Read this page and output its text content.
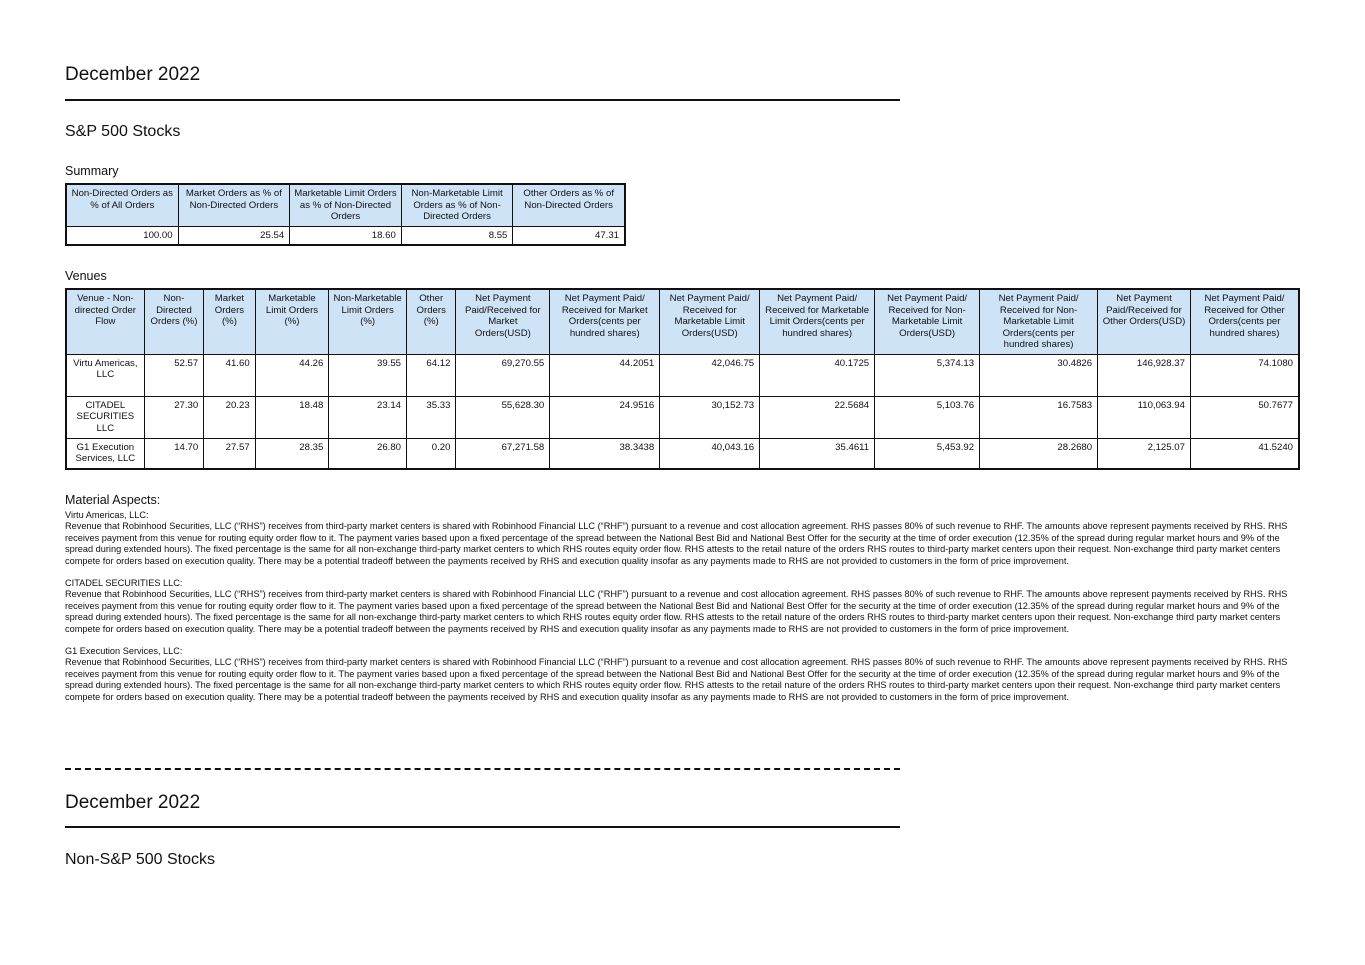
December 2022
S&P 500 Stocks
Summary
Non-Directed Orders as % of All Orders	Market Orders as % of Non-Directed Orders	Marketable Limit Orders as % of Non-Directed Orders	Non-Marketable Limit Orders as % of Non-Directed Orders	Other Orders as % of Non-Directed Orders
100.00	25.54	18.60	8.55	47.31
Venues
Venue - Non-directed Order Flow	Non-Directed Orders (%)	Market Orders (%)	Marketable Limit Orders (%)	Non-Marketable Limit Orders (%)	Other Orders (%)	Net Payment Paid/Received for Market Orders(USD)	Net Payment Paid/ Received for Market Orders(cents per hundred shares)	Net Payment Paid/ Received for Marketable Limit Orders(USD)	Net Payment Paid/ Received for Marketable Limit Orders(cents per hundred shares)	Net Payment Paid/ Received for Non-Marketable Limit Orders(USD)	Net Payment Paid/ Received for Non-Marketable Limit Orders(cents per hundred shares)	Net Payment Paid/Received for Other Orders(USD)	Net Payment Paid/ Received for Other Orders(cents per hundred shares)
Virtu Americas, LLC	52.57	41.60	44.26	39.55	64.12	69,270.55	44.2051	42,046.75	40.1725	5,374.13	30.4826	146,928.37	74.1080
CITADEL SECURITIES LLC	27.30	20.23	18.48	23.14	35.33	55,628.30	24.9516	30,152.73	22.5684	5,103.76	16.7583	110,063.94	50.7677
G1 Execution Services, LLC	14.70	27.57	28.35	26.80	0.20	67,271.58	38.3438	40,043.16	35.4611	5,453.92	28.2680	2,125.07	41.5240
Material Aspects:

Virtu Americas, LLC:

Revenue that Robinhood Securities, LLC (“RHS”) receives from third-party market centers is shared with Robinhood Financial LLC (“RHF”) pursuant to a revenue and cost allocation agreement. RHS passes 80% of such revenue to RHF. The amounts above represent payments received by RHS. RHS receives payment from this venue for routing equity order flow to it. The payment varies based upon a fixed percentage of the spread between the National Best Bid and National Best Offer for the security at the time of order execution (12.35% of the spread during regular market hours and 9% of the spread during extended hours). The fixed percentage is the same for all non-exchange third-party market centers to which RHS routes equity order flow. RHS attests to the retail nature of the orders RHS routes to third-party market centers upon their request. Non-exchange third party market centers compete for orders based on execution quality. There may be a potential tradeoff between the payments received by RHS and execution quality insofar as any payments made to RHS are not provided to customers in the form of price improvement.

CITADEL SECURITIES LLC:

Revenue that Robinhood Securities, LLC (“RHS”) receives from third-party market centers is shared with Robinhood Financial LLC (“RHF”) pursuant to a revenue and cost allocation agreement. RHS passes 80% of such revenue to RHF. The amounts above represent payments received by RHS. RHS receives payment from this venue for routing equity order flow to it. The payment varies based upon a fixed percentage of the spread between the National Best Bid and National Best Offer for the security at the time of order execution (12.35% of the spread during regular market hours and 9% of the spread during extended hours). The fixed percentage is the same for all non-exchange third-party market centers to which RHS routes equity order flow. RHS attests to the retail nature of the orders RHS routes to third-party market centers upon their request. Non-exchange third party market centers compete for orders based on execution quality. There may be a potential tradeoff between the payments received by RHS and execution quality insofar as any payments made to RHS are not provided to customers in the form of price improvement.

G1 Execution Services, LLC:

Revenue that Robinhood Securities, LLC (“RHS”) receives from third-party market centers is shared with Robinhood Financial LLC (“RHF”) pursuant to a revenue and cost allocation agreement. RHS passes 80% of such revenue to RHF. The amounts above represent payments received by RHS. RHS receives payment from this venue for routing equity order flow to it. The payment varies based upon a fixed percentage of the spread between the National Best Bid and National Best Offer for the security at the time of order execution (12.35% of the spread during regular market hours and 9% of the spread during extended hours). The fixed percentage is the same for all non-exchange third-party market centers to which RHS routes equity order flow. RHS attests to the retail nature of the orders RHS routes to third-party market centers upon their request. Non-exchange third party market centers compete for orders based on execution quality. There may be a potential tradeoff between the payments received by RHS and execution quality insofar as any payments made to RHS are not provided to customers in the form of price improvement.

December 2022
Non-S&P 500 Stocks
